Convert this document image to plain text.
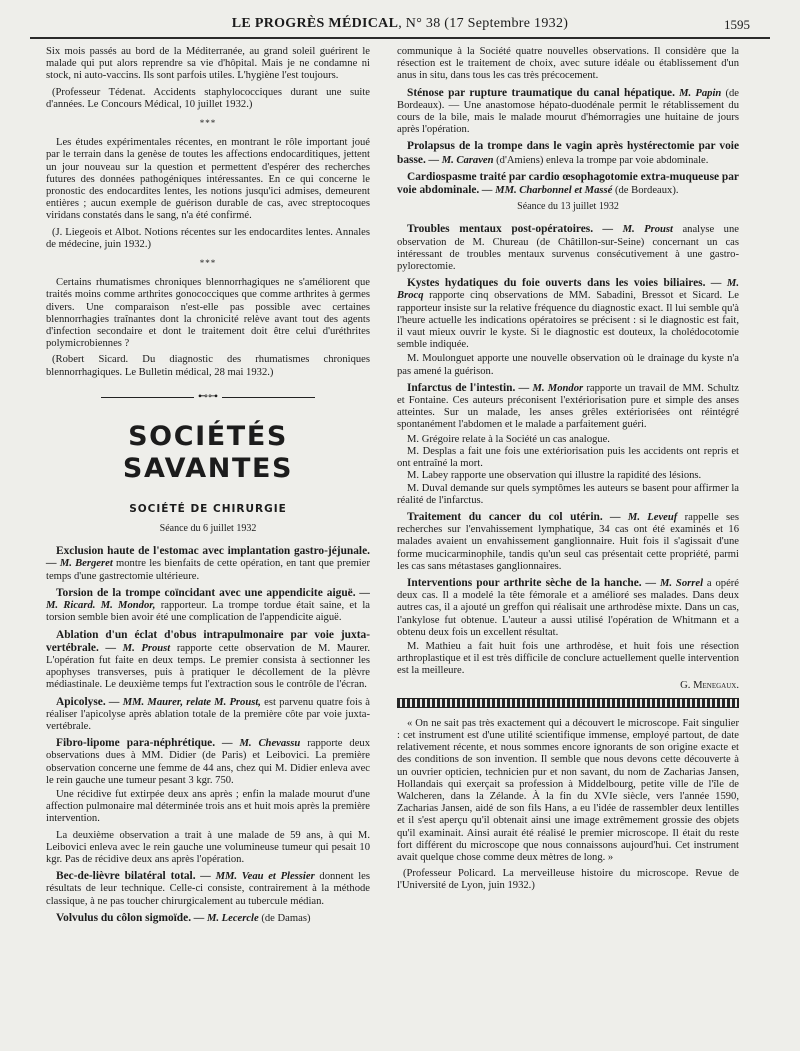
LE PROGRÈS MÉDICAL, N° 38 (17 Septembre 1932)	1595

Six mois passés au bord de la Méditerranée, au grand soleil guérirent le malade qui put alors reprendre sa vie d'hôpital. Mais je ne condamne ni stock, ni auto-vaccins. Ils sont parfois utiles. L'hygiène l'est toujours.

(Professeur Tédenat. Accidents staphylococciques durant une suite d'années. Le Concours Médical, 10 juillet 1932.)

***

Les études expérimentales récentes, en montrant le rôle important joué par le terrain dans la genèse de toutes les affections endocarditiques, jettent un jour nouveau sur la question et permettent d'espérer des recherches futures des données pathogéniques intéressantes. En ce qui concerne le pronostic des endocardites lentes, les notions jusqu'ici admises, demeurent entières ; aucun exemple de guérison durable de cas, avec streptocoques viridans constatés dans le sang, n'a été confirmé.

(J. Liegeois et Albot. Notions récentes sur les endocardites lentes. Annales de médecine, juin 1932.)

***

Certains rhumatismes chroniques blennorrhagiques ne s'améliorent que traités moins comme arthrites gonococciques que comme arthrites à germes divers. Une comparaison n'est-elle pas possible avec certaines blennorrhagies traînantes dont la chronicité relève avant tout des agents d'infection secondaire et dont le traitement doit être celui d'uréthrites polymicrobiennes ?

(Robert Sicard. Du diagnostic des rhumatismes chroniques blennorrhagiques. Le Bulletin médical, 28 mai 1932.)

⊷⊶
SOCIÉTÉS SAVANTES
SOCIÉTÉ DE CHIRURGIE
Séance du 6 juillet 1932

Exclusion haute de l'estomac avec implantation gastro-jéjunale. — M. Bergeret montre les bienfaits de cette opération, en tant que premier temps d'une gastrectomie ultérieure.

Torsion de la trompe coïncidant avec une appendicite aiguë. — M. Ricard. M. Mondor, rapporteur. La trompe tordue était saine, et la torsion semble bien avoir été une complication de l'appendicite aiguë.

Ablation d'un éclat d'obus intrapulmonaire par voie juxta-vertébrale. — M. Proust rapporte cette observation de M. Maurer. L'opération fut faite en deux temps. Le premier consista à sectionner les apophyses transverses, puis à pratiquer le décollement de la plèvre médiastinale. Le deuxième temps fut l'extraction sous le contrôle de l'écran.

Apicolyse. — MM. Maurer, relate M. Proust, est parvenu quatre fois à réaliser l'apicolyse après ablation totale de la première côte par voie juxta-vertébrale.

Fibro-lipome para-néphrétique. — M. Chevassu rapporte deux observations dues à MM. Didier (de Paris) et Leibovici. La première observation concerne une femme de 44 ans, chez qui M. Didier enleva avec le rein gauche une tumeur pesant 3 kgr. 750.

Une récidive fut extirpée deux ans après ; enfin la malade mourut d'une affection pulmonaire mal déterminée trois ans et huit mois après la première intervention.

La deuxième observation a trait à une malade de 59 ans, à qui M. Leibovici enleva avec le rein gauche une volumineuse tumeur qui pesait 10 kgr. Pas de récidive deux ans après l'opération.

Bec-de-lièvre bilatéral total. — MM. Veau et Plessier donnent les résultats de leur technique. Celle-ci consiste, contrairement à la méthode classique, à ne pas toucher chirurgicalement au tubercule médian.

Volvulus du côlon sigmoïde. — M. Lecercle (de Damas)

communique à la Société quatre nouvelles observations. Il considère que la résection est le traitement de choix, avec suture idéale ou établissement d'un anus in situ, dans tous les cas très précocement.

Sténose par rupture traumatique du canal hépatique. M. Papin (de Bordeaux). — Une anastomose hépato-duodénale permit le rétablissement du cours de la bile, mais le malade mourut d'hémorragies une huitaine de jours après l'opération.

Prolapsus de la trompe dans le vagin après hystérectomie par voie basse. — M. Caraven (d'Amiens) enleva la trompe par voie abdominale.

Cardiospasme traité par cardio œsophagotomie extra-muqueuse par voie abdominale. — MM. Charbonnel et Massé (de Bordeaux).

Séance du 13 juillet 1932

Troubles mentaux post-opératoires. — M. Proust analyse une observation de M. Chureau (de Châtillon-sur-Seine) concernant un cas intéressant de troubles mentaux survenus consécutivement à une gastro-pylorectomie.

Kystes hydatiques du foie ouverts dans les voies biliaires. — M. Brocq rapporte cinq observations de MM. Sabadini, Bressot et Sicard. Le rapporteur insiste sur la relative fréquence du diagnostic exact. Il lui semble qu'à l'heure actuelle les indications opératoires se précisent : si le diagnostic est fait, il vaut mieux ouvrir le kyste. Si le diagnostic est douteux, la cholédocotomie semble indiquée.

M. Moulonguet apporte une nouvelle observation où le drainage du kyste n'a pas amené la guérison.

Infarctus de l'intestin. — M. Mondor rapporte un travail de MM. Schultz et Fontaine. Ces auteurs préconisent l'extériorisation pure et simple des anses atteintes. Sur un malade, les anses grêles extériorisées ont réintégré spontanément l'abdomen et le malade a parfaitement guéri.

M. Grégoire relate à la Société un cas analogue.

M. Desplas a fait une fois une extériorisation puis les accidents ont repris et ont entraîné la mort.

M. Labey rapporte une observation qui illustre la rapidité des lésions.

M. Duval demande sur quels symptômes les auteurs se basent pour affirmer la réalité de l'infarctus.

Traitement du cancer du col utérin. — M. Leveuf rappelle ses recherches sur l'envahissement lymphatique, 34 cas ont été examinés et 16 malades avaient un envahissement ganglionnaire. Huit fois il s'agissait d'une forme mucicarminophile, tandis qu'un seul cas présentait cette propriété, parmi les cas sans métastases ganglionnaires.

Interventions pour arthrite sèche de la hanche. — M. Sorrel a opéré deux cas. Il a modelé la tête fémorale et a amélioré ses malades. Dans deux autres cas, il a ajouté un greffon qui réalisait une arthrodèse mixte. Dans un cas, l'ankylose fut obtenue. L'auteur a aussi utilisé l'opération de Whitmann et a obtenu deux fois un excellent résultat.

M. Mathieu a fait huit fois une arthrodèse, et huit fois une résection arthroplastique et il est très difficile de conclure actuellement quelle intervention est la meilleure.

G. Menegaux.

« On ne sait pas très exactement qui a découvert le microscope. Fait singulier : cet instrument est d'une utilité scientifique immense, employé partout, de date relativement récente, et nous sommes encore ignorants de son origine exacte et des conditions de son invention. Il semble que nous devons cette découverte à un ouvrier opticien, technicien pur et non savant, du nom de Zacharias Jansen, Hollandais qui exerçait sa profession à Middelbourg, petite ville de l'île de Walcheren, dans la Zélande. À la fin du XVIe siècle, vers l'année 1590, Zacharias Jansen, aidé de son fils Hans, a eu l'idée de rassembler deux lentilles et il s'est aperçu qu'il obtenait ainsi une image extrêmement grossie des objets qu'il examinait. Ainsi aurait été réalisé le premier microscope. Il était du reste fort différent du microscope que nous connaissons aujourd'hui. Cet instrument avait quelque chose comme deux mètres de long. »

(Professeur Policard. La merveilleuse histoire du microscope. Revue de l'Université de Lyon, juin 1932.)
